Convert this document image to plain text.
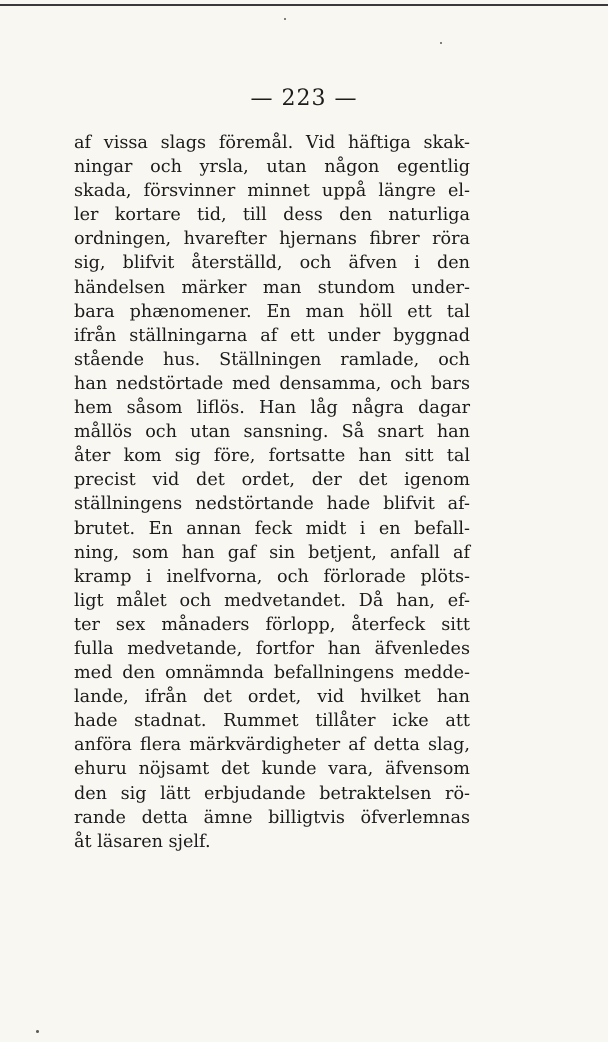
— 223 —
af vissa slags föremål. Vid häftiga skak-
ningar och yrsla, utan någon egentlig
skada, försvinner minnet uppå längre el-
ler kortare tid, till dess den naturliga
ordningen, hvarefter hjernans fibrer röra
sig, blifvit återställd, och äfven i den
händelsen märker man stundom under-
bara phænomener. En man höll ett tal
ifrån ställningarna af ett under byggnad
stående hus. Ställningen ramlade, och
han nedstörtade med densamma, och bars
hem såsom liflös. Han låg några dagar
mållös och utan sansning. Så snart han
åter kom sig före, fortsatte han sitt tal
precist vid det ordet, der det igenom
ställningens nedstörtande hade blifvit af-
brutet. En annan feck midt i en befall-
ning, som han gaf sin betjent, anfall af
kramp i inelfvorna, och förlorade plöts-
ligt målet och medvetandet. Då han, ef-
ter sex månaders förlopp, återfeck sitt
fulla medvetande, fortfor han äfvenledes
med den omnämnda befallningens medde-
lande, ifrån det ordet, vid hvilket han
hade stadnat. Rummet tillåter icke att
anföra flera märkvärdigheter af detta slag,
ehuru nöjsamt det kunde vara, äfvensom
den sig lätt erbjudande betraktelsen rö-
rande detta ämne billigtvis öfverlemnas
åt läsaren sjelf.
